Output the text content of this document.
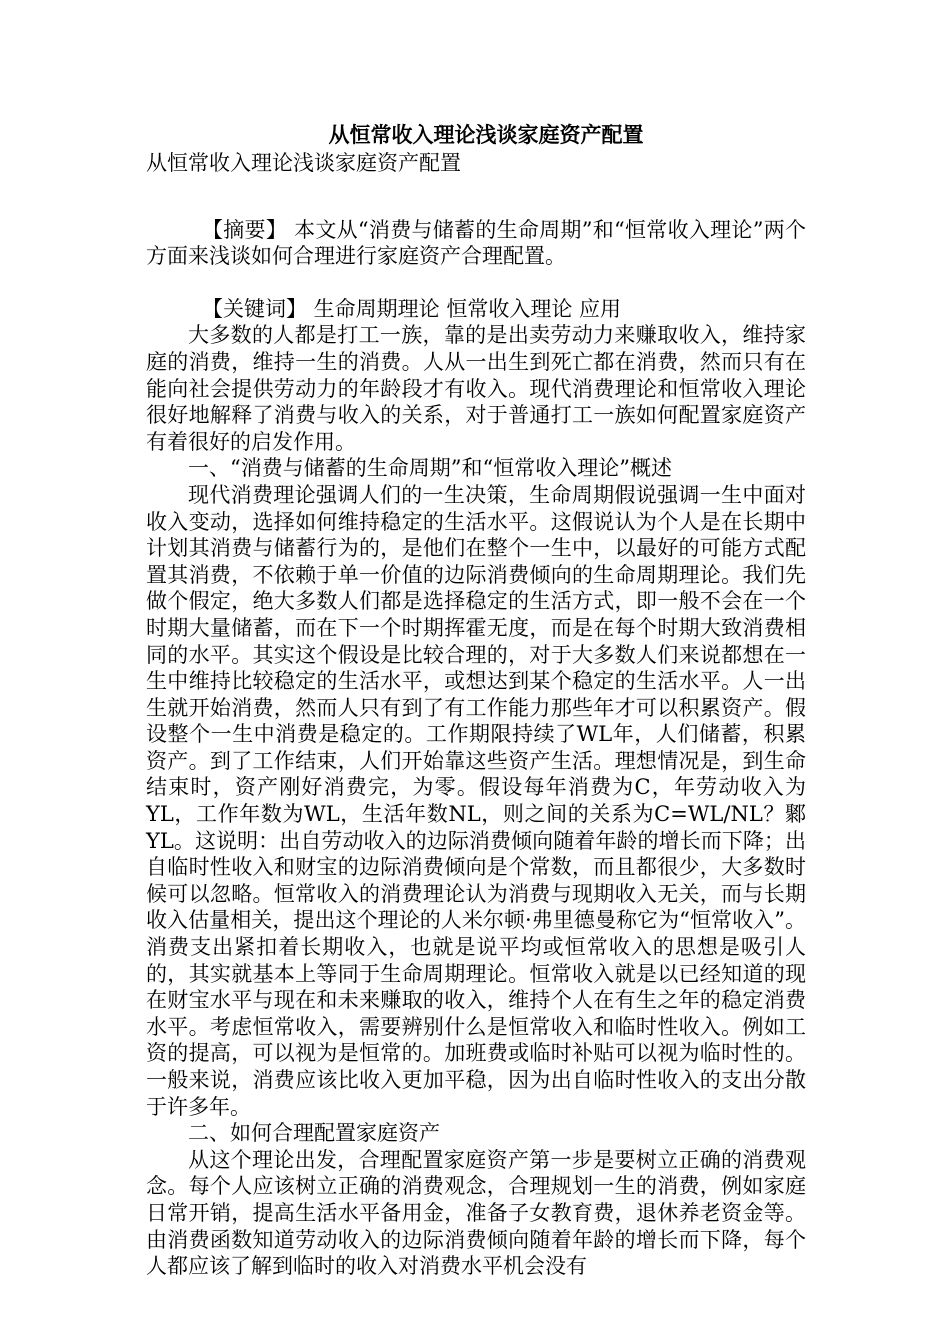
从恒常收入理论浅谈家庭资产配置

从恒常收入理论浅谈家庭资产配置

【摘要】 本文从“消费与储蓄的生命周期”和“恒常收入理论”两个方面来浅谈如何合理进行家庭资产合理配置。

【关键词】 生命周期理论 恒常收入理论 应用

大多数的人都是打工一族，靠的是出卖劳动力来赚取收入，维持家庭的消费，维持一生的消费。人从一出生到死亡都在消费，然而只有在能向社会提供劳动力的年龄段才有收入。现代消费理论和恒常收入理论很好地解释了消费与收入的关系，对于普通打工一族如何配置家庭资产有着很好的启发作用。

一、“消费与储蓄的生命周期”和“恒常收入理论”概述

现代消费理论强调人们的一生决策，生命周期假说强调一生中面对收入变动，选择如何维持稳定的生活水平。这假说认为个人是在长期中计划其消费与储蓄行为的，是他们在整个一生中，以最好的可能方式配置其消费，不依赖于单一价值的边际消费倾向的生命周期理论。我们先做个假定，绝大多数人们都是选择稳定的生活方式，即一般不会在一个时期大量储蓄，而在下一个时期挥霍无度，而是在每个时期大致消费相同的水平。其实这个假设是比较合理的，对于大多数人们来说都想在一生中维持比较稳定的生活水平，或想达到某个稳定的生活水平。人一出生就开始消费，然而人只有到了有工作能力那些年才可以积累资产。假设整个一生中消费是稳定的。工作期限持续了WL年，人们储蓄，积累资产。到了工作结束，人们开始靠这些资产生活。理想情况是，到生命结束时，资产刚好消费完，为零。假设每年消费为C，年劳动收入为YL，工作年数为WL，生活年数NL，则之间的关系为C=WL/NL？鄹YL。这说明：出自劳动收入的边际消费倾向随着年龄的增长而下降；出自临时性收入和财宝的边际消费倾向是个常数，而且都很少，大多数时候可以忽略。恒常收入的消费理论认为消费与现期收入无关，而与长期收入估量相关，提出这个理论的人米尔顿·弗里德曼称它为“恒常收入”。消费支出紧扣着长期收入，也就是说平均或恒常收入的思想是吸引人的，其实就基本上等同于生命周期理论。恒常收入就是以已经知道的现在财宝水平与现在和未来赚取的收入，维持个人在有生之年的稳定消费水平。考虑恒常收入，需要辨别什么是恒常收入和临时性收入。例如工资的提高，可以视为是恒常的。加班费或临时补贴可以视为临时性的。一般来说，消费应该比收入更加平稳，因为出自临时性收入的支出分散于许多年。

二、如何合理配置家庭资产

从这个理论出发，合理配置家庭资产第一步是要树立正确的消费观念。每个人应该树立正确的消费观念，合理规划一生的消费，例如家庭日常开销，提高生活水平备用金，准备子女教育费，退休养老资金等。由消费函数知道劳动收入的边际消费倾向随着年龄的增长而下降，每个人都应该了解到临时的收入对消费水平机会没有
